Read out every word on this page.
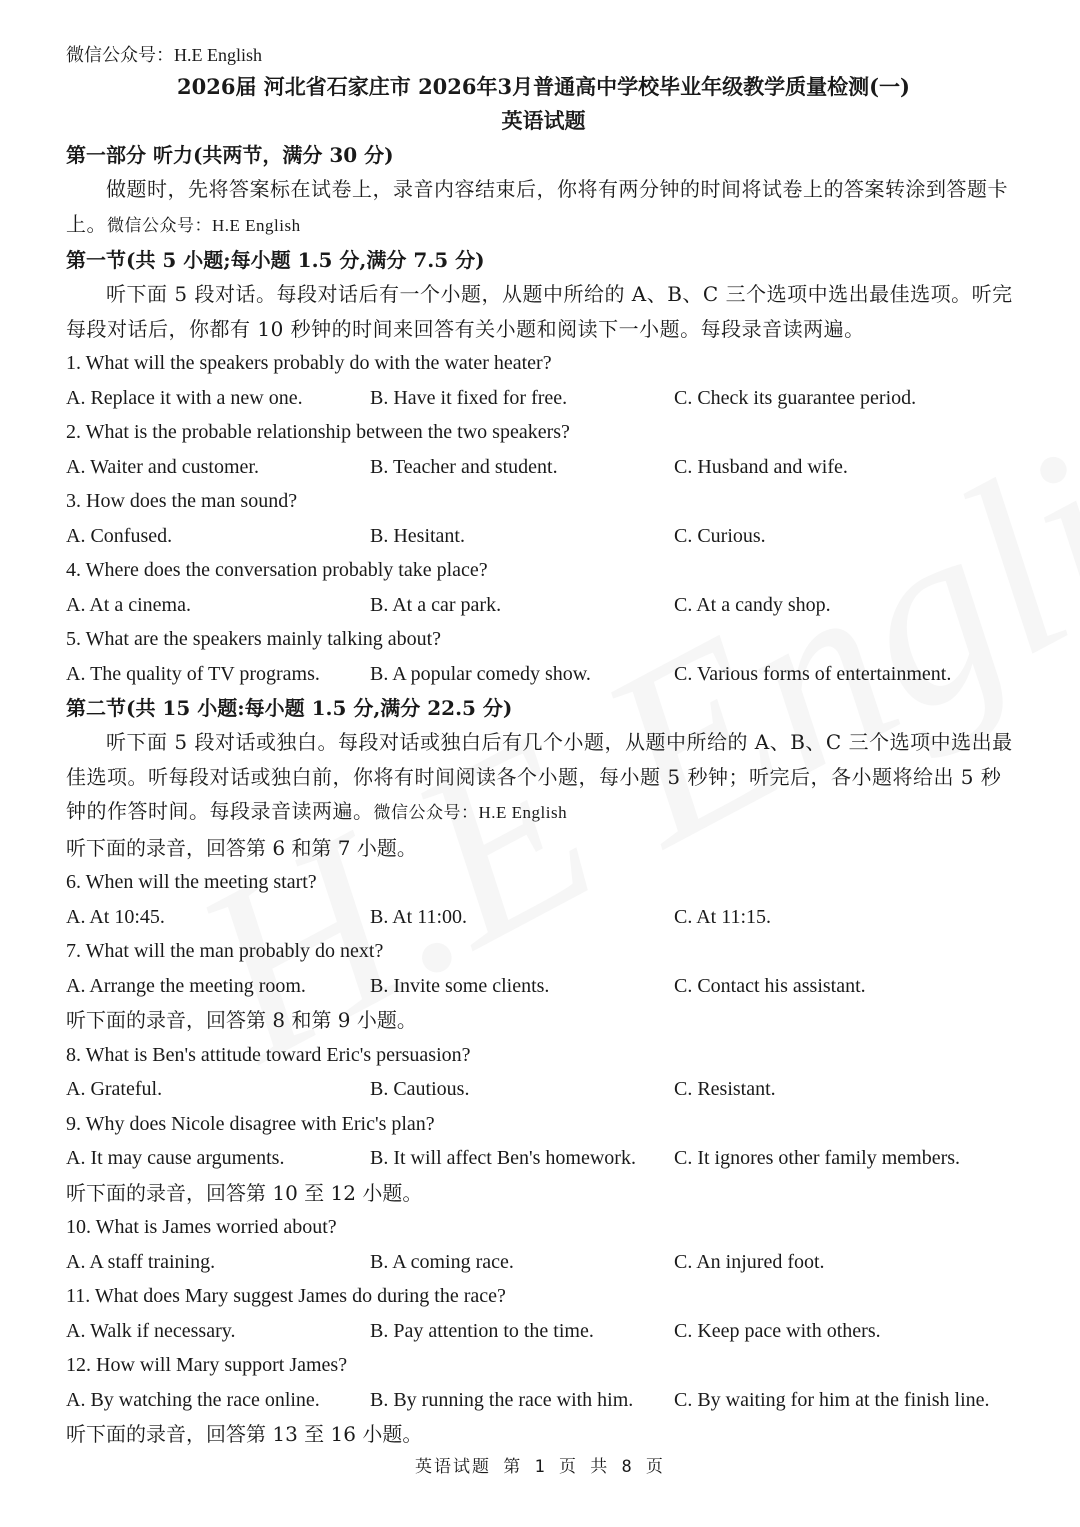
微信公众号：H.E English
2026届 河北省石家庄市 2026年3月普通高中学校毕业年级教学质量检测(一)
英语试题
第一部分 听力(共两节，满分 30 分)
做题时，先将答案标在试卷上，录音内容结束后，你将有两分钟的时间将试卷上的答案转涂到答题卡上。微信公众号：H.E English
第一节(共 5 小题;每小题 1.5 分,满分 7.5 分)
听下面 5 段对话。每段对话后有一个小题，从题中所给的 A、B、C 三个选项中选出最佳选项。听完每段对话后，你都有 10 秒钟的时间来回答有关小题和阅读下一小题。每段录音读两遍。
1. What will the speakers probably do with the water heater?
A. Replace it with a new one.	B. Have it fixed for free.	C. Check its guarantee period.
2. What is the probable relationship between the two speakers?
A. Waiter and customer.	B. Teacher and student.	C. Husband and wife.
3. How does the man sound?
A. Confused.	B. Hesitant.	C. Curious.
4. Where does the conversation probably take place?
A. At a cinema.	B. At a car park.	C. At a candy shop.
5. What are the speakers mainly talking about?
A. The quality of TV programs.	B. A popular comedy show.	C. Various forms of entertainment.
第二节(共 15 小题:每小题 1.5 分,满分 22.5 分)
听下面 5 段对话或独白。每段对话或独白后有几个小题，从题中所给的 A、B、C 三个选项中选出最佳选项。听每段对话或独白前，你将有时间阅读各个小题，每小题 5 秒钟；听完后，各小题将给出 5 秒钟的作答时间。每段录音读两遍。微信公众号：H.E English
听下面的录音，回答第 6 和第 7 小题。
6. When will the meeting start?
A. At 10:45.	B. At 11:00.	C. At 11:15.
7. What will the man probably do next?
A. Arrange the meeting room.	B. Invite some clients.	C. Contact his assistant.
听下面的录音，回答第 8 和第 9 小题。
8. What is Ben's attitude toward Eric's persuasion?
A. Grateful.	B. Cautious.	C. Resistant.
9. Why does Nicole disagree with Eric's plan?
A. It may cause arguments.	B. It will affect Ben's homework.	C. It ignores other family members.
听下面的录音，回答第 10 至 12 小题。
10. What is James worried about?
A. A staff training.	B. A coming race.	C. An injured foot.
11. What does Mary suggest James do during the race?
A. Walk if necessary.	B. Pay attention to the time.	C. Keep pace with others.
12. How will Mary support James?
A. By watching the race online.	B. By running the race with him.	C. By waiting for him at the finish line.
听下面的录音，回答第 13 至 16 小题。
英语试题 第 1 页 共 8 页
